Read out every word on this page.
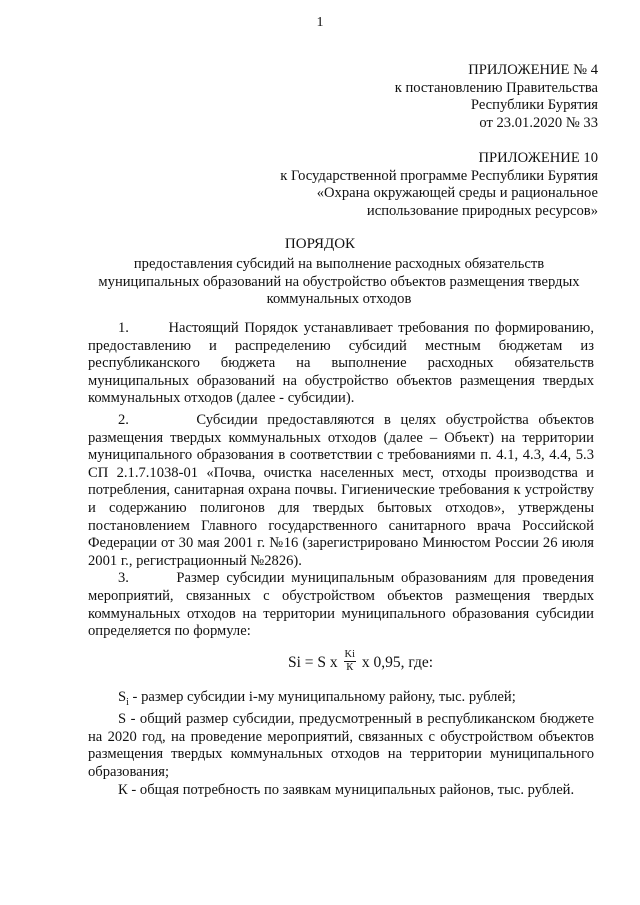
1
ПРИЛОЖЕНИЕ № 4
к постановлению Правительства
Республики Бурятия
от 23.01.2020 № 33
ПРИЛОЖЕНИЕ 10
к Государственной программе Республики Бурятия
«Охрана окружающей среды и рациональное
использование природных ресурсов»
ПОРЯДОК
предоставления субсидий на выполнение расходных обязательств муниципальных образований на обустройство объектов размещения твердых коммунальных отходов

1.       Настоящий Порядок устанавливает требования по формированию, предоставлению и распределению субсидий местным бюджетам из республиканского бюджета на выполнение расходных обязательств муниципальных образований на обустройство объектов размещения твердых коммунальных отходов (далее - субсидии).

2.       Субсидии предоставляются в целях обустройства объектов размещения твердых коммунальных отходов (далее – Объект) на территории муниципального образования в соответствии с требованиями п. 4.1, 4.3, 4.4, 5.3 СП 2.1.7.1038-01 «Почва, очистка населенных мест, отходы производства и потребления, санитарная охрана почвы. Гигиенические требования к устройству и содержанию полигонов для твердых бытовых отходов», утверждены постановлением Главного государственного санитарного врача Российской Федерации от 30 мая 2001 г. №16 (зарегистрировано Минюстом России 26 июля 2001 г., регистрационный №2826).

3.       Размер субсидии муниципальным образованиям для проведения мероприятий, связанных с обустройством объектов размещения твердых коммунальных отходов на территории муниципального образования субсидии определяется по формуле:

Si = S x $\frac{Ki}{К}$ x 0,95, где:

$S_i$ - размер субсидии i-му муниципальному району, тыс. рублей;

S - общий размер субсидии, предусмотренный в республиканском бюджете на 2020 год, на проведение мероприятий, связанных с обустройством объектов размещения твердых коммунальных отходов на территории муниципального образования;

К - общая потребность по заявкам муниципальных районов, тыс. рублей.
